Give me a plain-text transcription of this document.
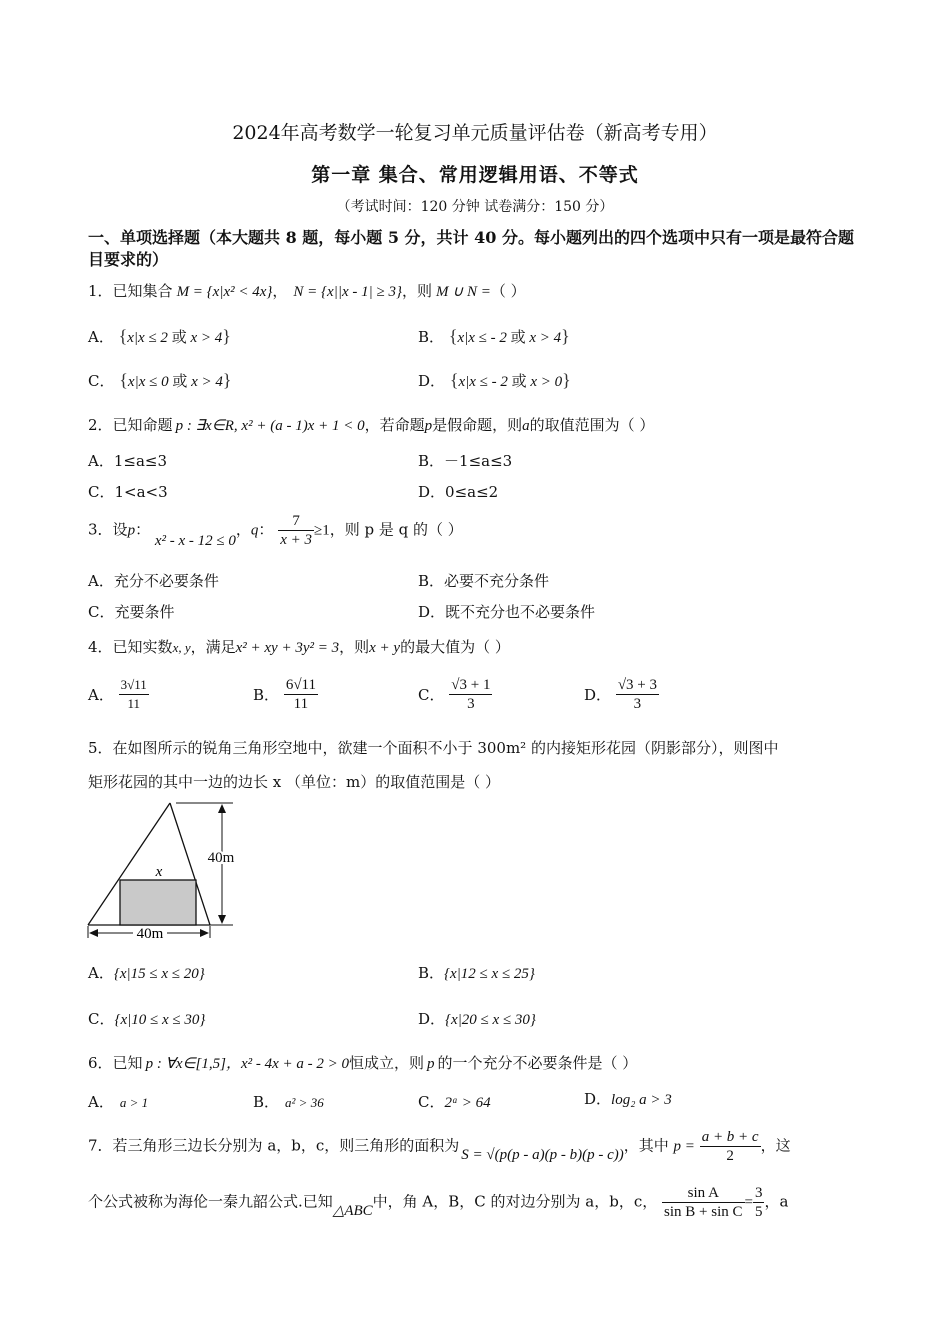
2024年高考数学一轮复习单元质量评估卷（新高考专用）
第一章 集合、常用逻辑用语、不等式
（考试时间：120 分钟 试卷满分：150 分）
一、单项选择题（本大题共 8 题，每小题 5 分，共计 40 分。每小题列出的四个选项中只有一项是最符合题目要求的）
1．已知集合 M = {x|x² < 4x}， N = {x||x - 1| ≥ 3}，则 M ∪ N =（ ）
A． {x|x ≤ 2 或 x > 4}	B． {x|x ≤ - 2 或 x > 4}
C． {x|x ≤ 0 或 x > 4}	D． {x|x ≤ - 2 或 x > 0}
2．已知命题 p : ∃x∈R, x² + (a - 1)x + 1 < 0，若命题p是假命题，则a的取值范围为（ ）
A．1≤a≤3	B．－1≤a≤3
C．1<a<3	D．0≤a≤2
3．设p： x² - x - 12 ≤ 0，q： $\frac{7}{x + 3} \ge 1$，则 p 是 q 的（ ）
A．充分不必要条件	B．必要不充分条件
C．充要条件	D．既不充分也不必要条件
4．已知实数x, y，满足x² + xy + 3y² = 3，则x + y的最大值为（ ）
A． $\frac{3√11}{11}$	B． $\frac{6√11}{11}$	C． $\frac{√3 + 1}{3}$	D． $\frac{√3 + 3}{3}$
5．在如图所示的锐角三角形空地中，欲建一个面积不小于 300m² 的内接矩形花园（阴影部分），则图中
矩形花园的其中一边的边长 x （单位：m）的取值范围是（ ）
x
40m
40m
A．{x|15 ≤ x ≤ 20}	B．{x|12 ≤ x ≤ 25}
C．{x|10 ≤ x ≤ 30}	D．{x|20 ≤ x ≤ 30}
6．已知 p : ∀x∈[1,5]，x² - 4x + a - 2 > 0恒成立，则 p 的一个充分不必要条件是（ ）
A． a > 1	B． a² > 36	C．2ᵃ > 64	D．log₂ a > 3
7．若三角形三边长分别为 a，b，c，则三角形的面积为 S = √(p(p - a)(p - b)(p - c))，其中 $p = \frac{a + b + c}{2}$ ，这
个公式被称为海伦一秦九韶公式.已知△ABC中，角 A，B，C 的对边分别为 a，b，c， $\frac{\text{sin A}}{\text{sin B + sin C}} = \frac{3}{5}$ ，a
